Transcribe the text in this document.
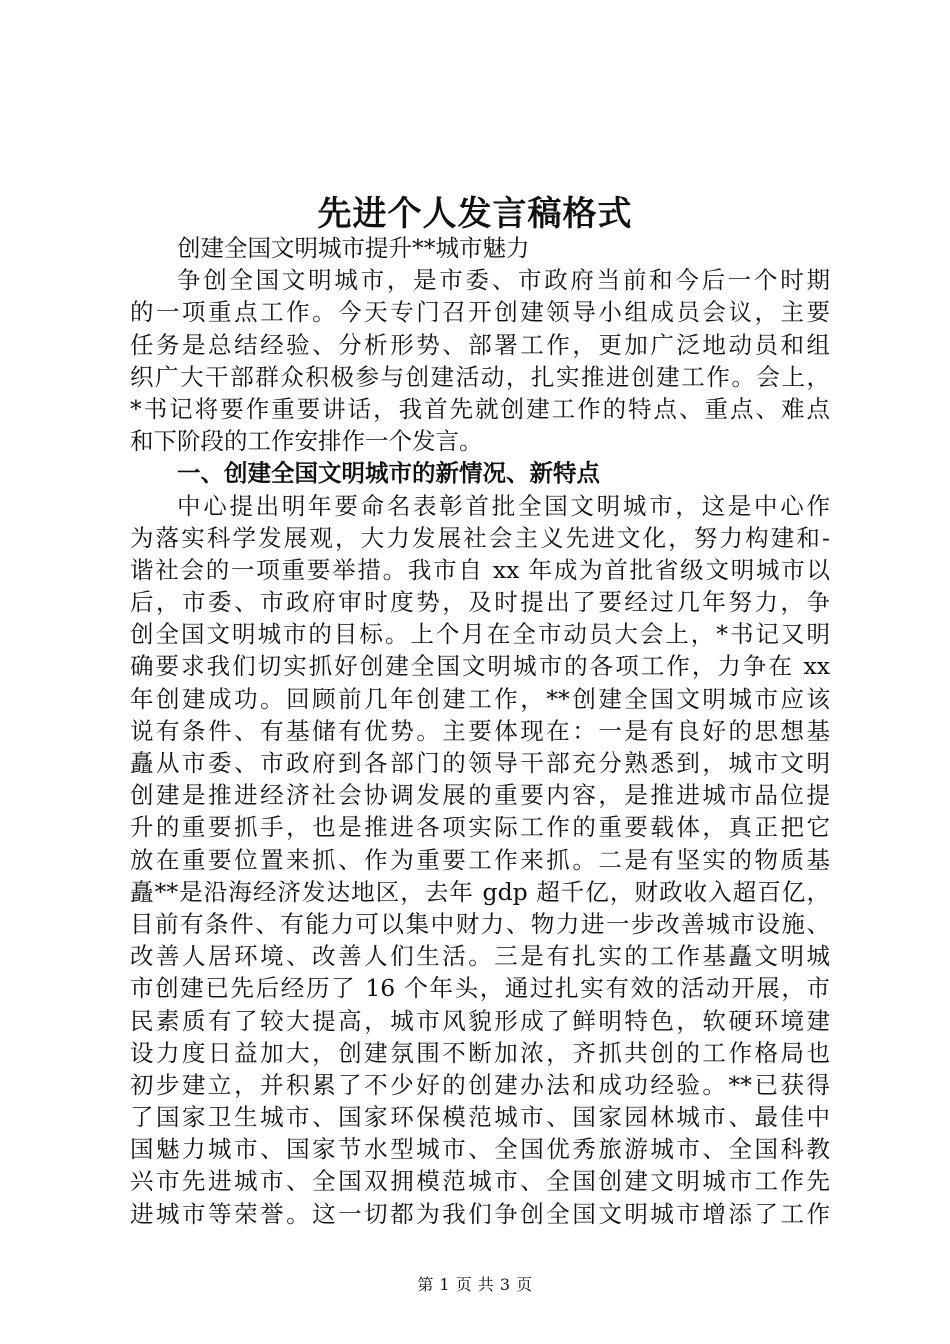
先进个人发言稿格式
创建全国文明城市提升**城市魅力
争创全国文明城市，是市委、市政府当前和今后一个时期
的一项重点工作。今天专门召开创建领导小组成员会议，主要
任务是总结经验、分析形势、部署工作，更加广泛地动员和组
织广大干部群众积极参与创建活动，扎实推进创建工作。会上，
*书记将要作重要讲话，我首先就创建工作的特点、重点、难点
和下阶段的工作安排作一个发言。
一、创建全国文明城市的新情况、新特点
中心提出明年要命名表彰首批全国文明城市，这是中心作
为落实科学发展观，大力发展社会主义先进文化，努力构建和-
谐社会的一项重要举措。我市自 xx 年成为首批省级文明城市以
后，市委、市政府审时度势，及时提出了要经过几年努力，争
创全国文明城市的目标。上个月在全市动员大会上，*书记又明
确要求我们切实抓好创建全国文明城市的各项工作，力争在 xx
年创建成功。回顾前几年创建工作，**创建全国文明城市应该
说有条件、有基储有优势。主要体现在：一是有良好的思想基
矗从市委、市政府到各部门的领导干部充分熟悉到，城市文明
创建是推进经济社会协调发展的重要内容，是推进城市品位提
升的重要抓手，也是推进各项实际工作的重要载体，真正把它
放在重要位置来抓、作为重要工作来抓。二是有坚实的物质基
矗**是沿海经济发达地区，去年 gdp 超千亿，财政收入超百亿，
目前有条件、有能力可以集中财力、物力进一步改善城市设施、
改善人居环境、改善人们生活。三是有扎实的工作基矗文明城
市创建已先后经历了 16 个年头，通过扎实有效的活动开展，市
民素质有了较大提高，城市风貌形成了鲜明特色，软硬环境建
设力度日益加大，创建氛围不断加浓，齐抓共创的工作格局也
初步建立，并积累了不少好的创建办法和成功经验。**已获得
了国家卫生城市、国家环保模范城市、国家园林城市、最佳中
国魅力城市、国家节水型城市、全国优秀旅游城市、全国科教
兴市先进城市、全国双拥模范城市、全国创建文明城市工作先
进城市等荣誉。这一切都为我们争创全国文明城市增添了工作
第 1 页 共 3 页
